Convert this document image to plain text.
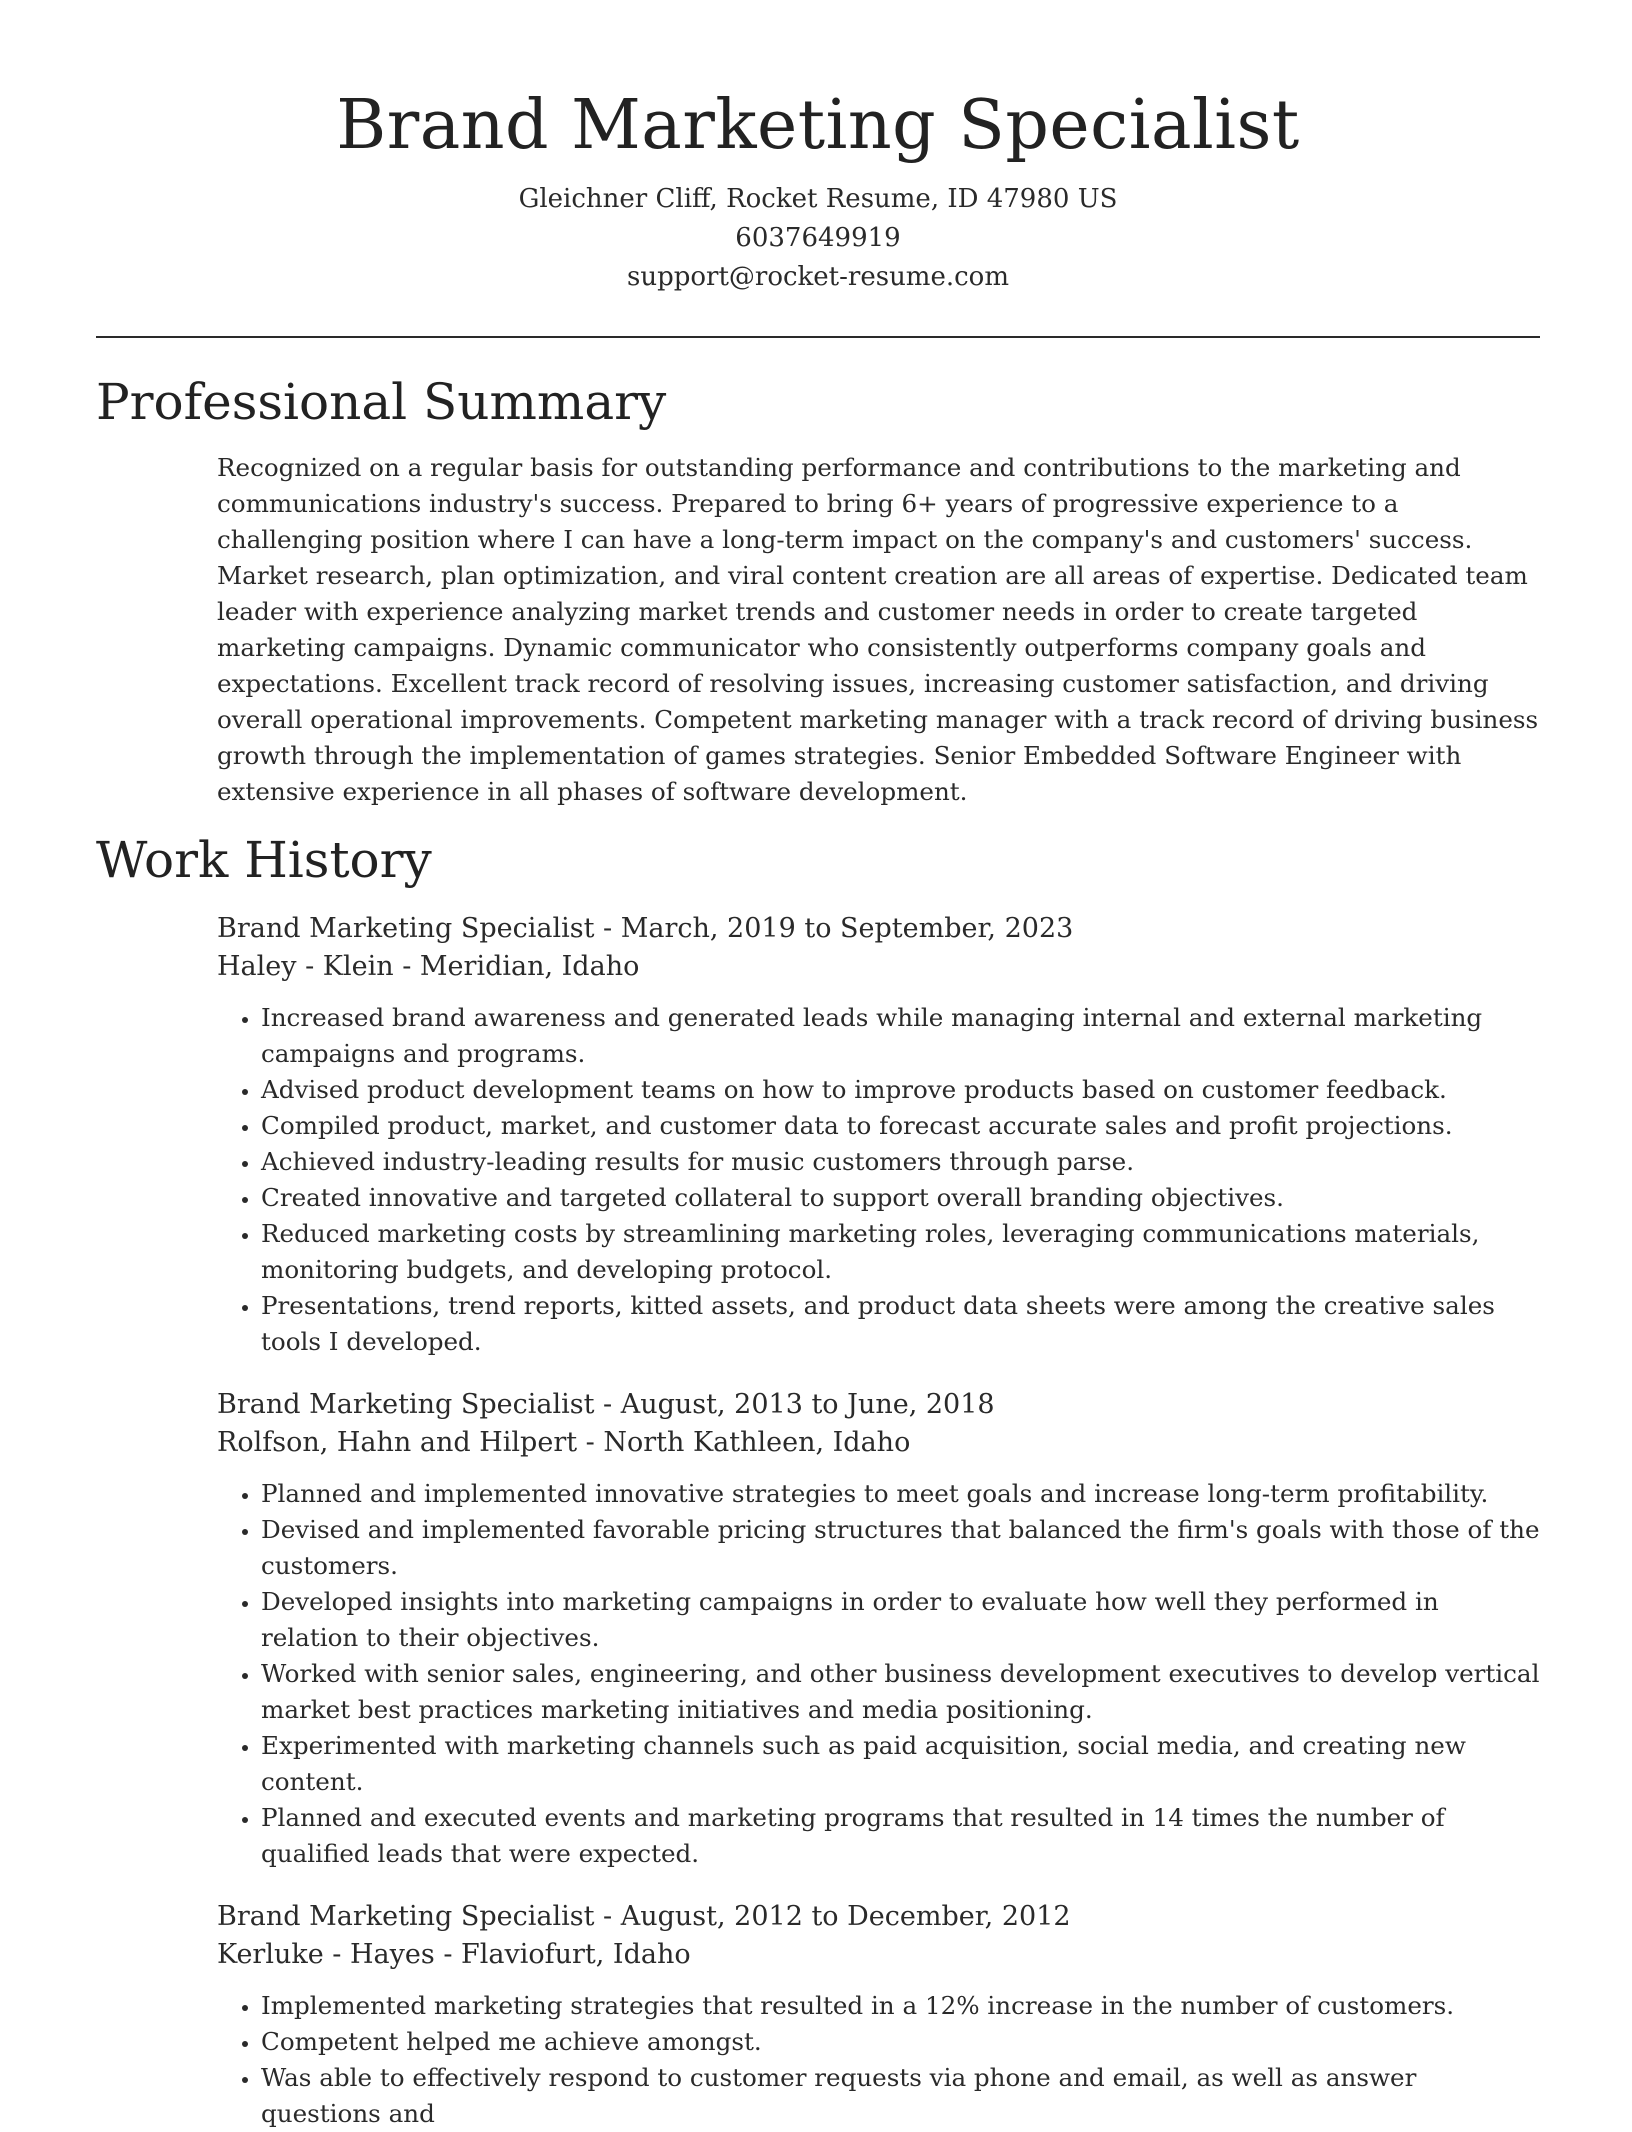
Brand Marketing Specialist
Gleichner Cliff, Rocket Resume, ID 47980 US
6037649919
support@rocket-resume.com
Professional Summary
Recognized on a regular basis for outstanding performance and contributions to the marketing and communications industry's success. Prepared to bring 6+ years of progressive experience to a challenging position where I can have a long-term impact on the company's and customers' success. Market research, plan optimization, and viral content creation are all areas of expertise. Dedicated team leader with experience analyzing market trends and customer needs in order to create targeted marketing campaigns. Dynamic communicator who consistently outperforms company goals and expectations. Excellent track record of resolving issues, increasing customer satisfaction, and driving overall operational improvements. Competent marketing manager with a track record of driving business growth through the implementation of games strategies. Senior Embedded Software Engineer with extensive experience in all phases of software development.
Work History
Brand Marketing Specialist - March, 2019 to September, 2023
Haley - Klein - Meridian, Idaho
• Increased brand awareness and generated leads while managing internal and external marketing campaigns and programs.
• Advised product development teams on how to improve products based on customer feedback.
• Compiled product, market, and customer data to forecast accurate sales and profit projections.
• Achieved industry-leading results for music customers through parse.
• Created innovative and targeted collateral to support overall branding objectives.
• Reduced marketing costs by streamlining marketing roles, leveraging communications materials, monitoring budgets, and developing protocol.
• Presentations, trend reports, kitted assets, and product data sheets were among the creative sales tools I developed.
Brand Marketing Specialist - August, 2013 to June, 2018
Rolfson, Hahn and Hilpert - North Kathleen, Idaho
• Planned and implemented innovative strategies to meet goals and increase long-term profitability.
• Devised and implemented favorable pricing structures that balanced the firm's goals with those of the customers.
• Developed insights into marketing campaigns in order to evaluate how well they performed in relation to their objectives.
• Worked with senior sales, engineering, and other business development executives to develop vertical market best practices marketing initiatives and media positioning.
• Experimented with marketing channels such as paid acquisition, social media, and creating new content.
• Planned and executed events and marketing programs that resulted in 14 times the number of qualified leads that were expected.
Brand Marketing Specialist - August, 2012 to December, 2012
Kerluke - Hayes - Flaviofurt, Idaho
• Implemented marketing strategies that resulted in a 12% increase in the number of customers.
• Competent helped me achieve amongst.
• Was able to effectively respond to customer requests via phone and email, as well as answer questions and
